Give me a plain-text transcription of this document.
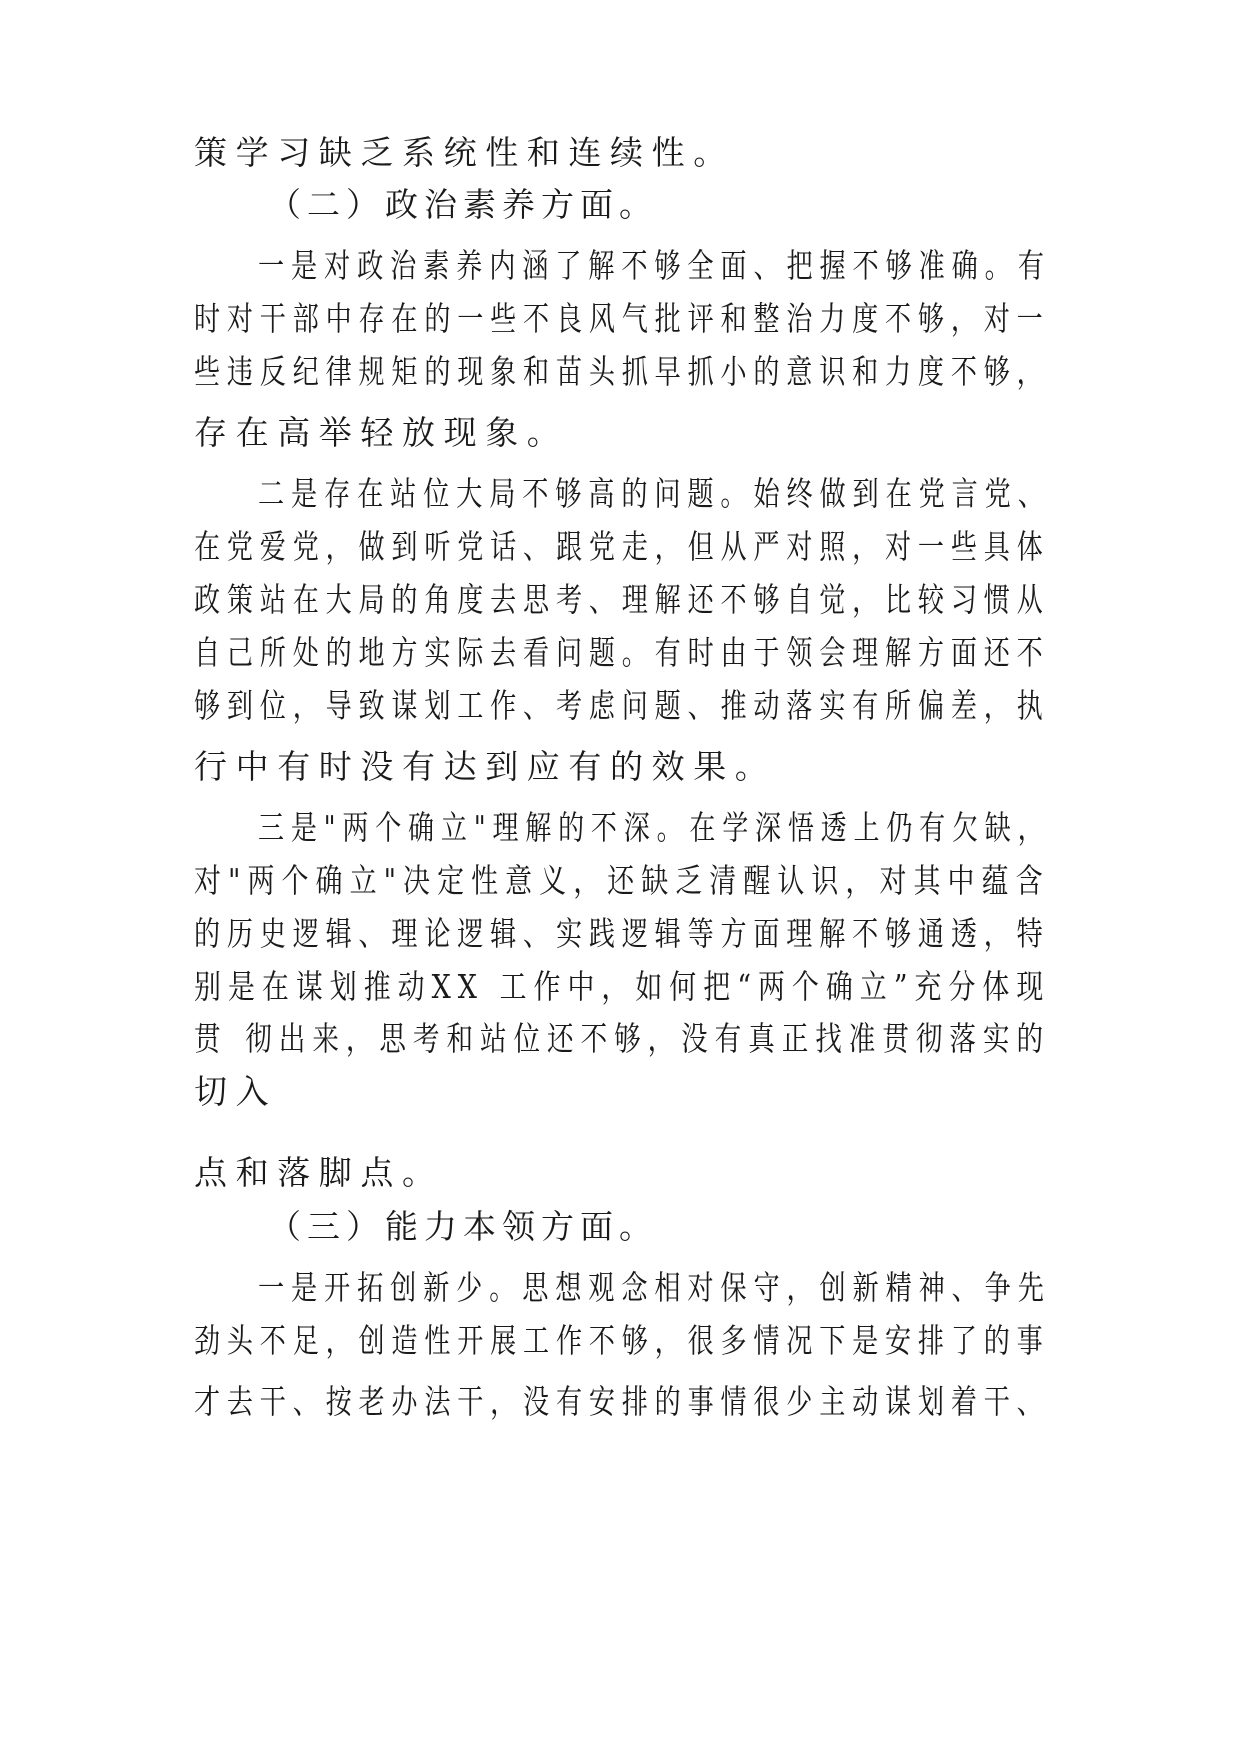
策学习缺乏系统性和连续性。

（二）政治素养方面。

一是对政治素养内涵了解不够全面、把握不够准确。有

时对干部中存在的一些不良风气批评和整治力度不够，对一

些违反纪律规矩的现象和苗头抓早抓小的意识和力度不够，

存在高举轻放现象。

二是存在站位大局不够高的问题。始终做到在党言党、

在党爱党，做到听党话、跟党走，但从严对照，对一些具体

政策站在大局的角度去思考、理解还不够自觉，比较习惯从

自己所处的地方实际去看问题。有时由于领会理解方面还不

够到位，导致谋划工作、考虑问题、推动落实有所偏差，执

行中有时没有达到应有的效果。

三是"两个确立"理解的不深。在学深悟透上仍有欠缺，

对"两个确立"决定性意义，还缺乏清醒认识，对其中蕴含

的历史逻辑、理论逻辑、实践逻辑等方面理解不够通透，特

别是在谋划推动XX 工作中，如何把“两个确立”充分体现

贯 彻出来，思考和站位还不够，没有真正找准贯彻落实的

切入

点和落脚点。

（三）能力本领方面。

一是开拓创新少。思想观念相对保守，创新精神、争先

劲头不足，创造性开展工作不够，很多情况下是安排了的事

才去干、按老办法干，没有安排的事情很少主动谋划着干、
